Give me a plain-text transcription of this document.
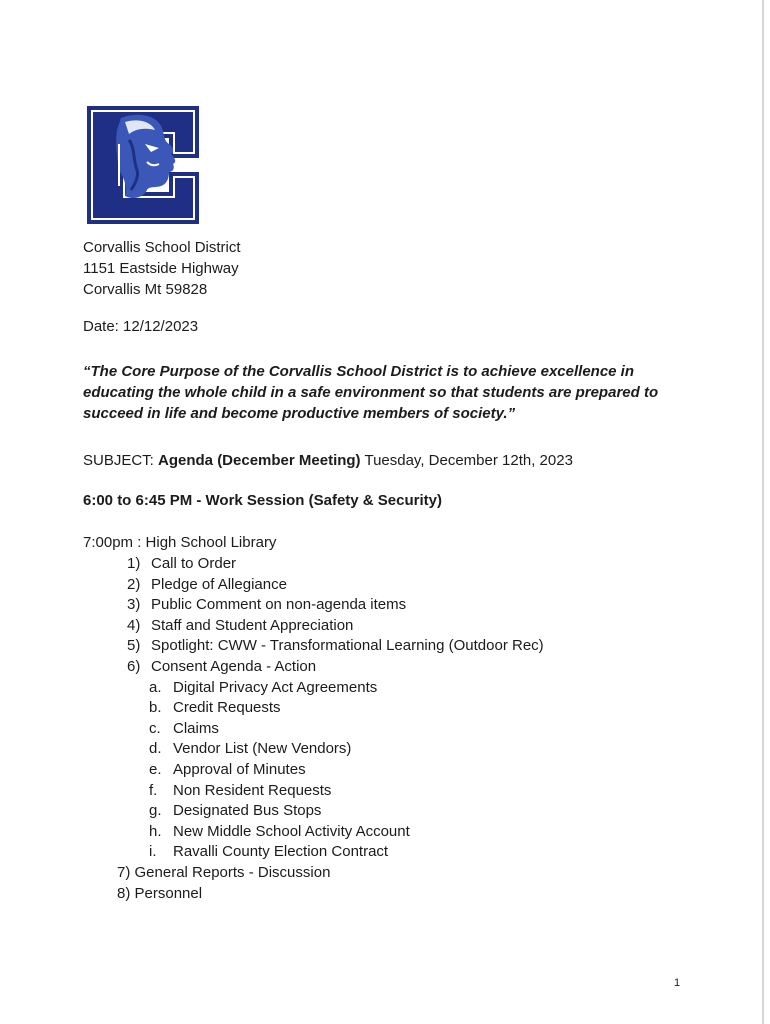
Corvallis School District
1151 Eastside Highway
Corvallis Mt 59828
Date: 12/12/2023
“The Core Purpose of the Corvallis School District is to achieve excellence in
educating the whole child in a safe environment so that students are prepared to
succeed in life and become productive members of society.”
SUBJECT: Agenda (December Meeting) Tuesday, December 12th, 2023
6:00 to 6:45 PM - Work Session (Safety & Security)
7:00pm : High School Library
1) Call to Order
2) Pledge of Allegiance
3) Public Comment on non-agenda items
4) Staff and Student Appreciation
5) Spotlight: CWW - Transformational Learning (Outdoor Rec)
6) Consent Agenda - Action
a. Digital Privacy Act Agreements
b. Credit Requests
c. Claims
d. Vendor List (New Vendors)
e. Approval of Minutes
f.	Non Resident Requests
g. Designated Bus Stops
h. New Middle School Activity Account
i.	Ravalli County Election Contract
7) General Reports - Discussion
8) Personnel
1
